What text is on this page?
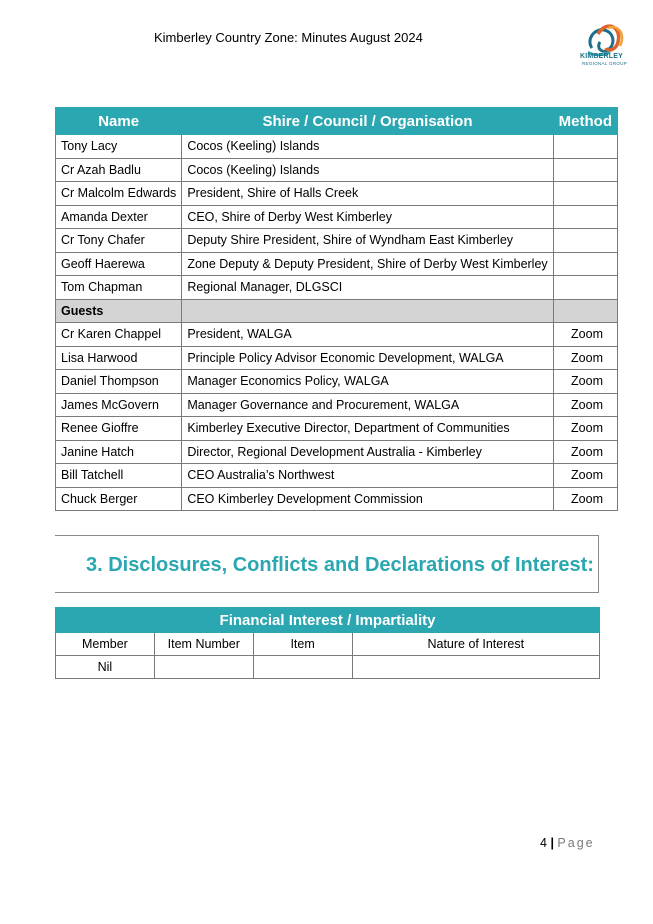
Kimberley Country Zone: Minutes August 2024
KIMBERLEY
REGIONAL GROUP
Name	Shire / Council / Organisation	Method
Tony Lacy	Cocos (Keeling) Islands	
Cr Azah Badlu	Cocos (Keeling) Islands	
Cr Malcolm Edwards	President, Shire of Halls Creek	
Amanda Dexter	CEO, Shire of Derby West Kimberley	
Cr Tony Chafer	Deputy Shire President, Shire of Wyndham East Kimberley	
Geoff Haerewa	Zone Deputy & Deputy President, Shire of Derby West Kimberley	
Tom Chapman	Regional Manager, DLGSCI	
Guests		
Cr Karen Chappel	President, WALGA	Zoom
Lisa Harwood	Principle Policy Advisor Economic Development, WALGA	Zoom
Daniel Thompson	Manager Economics Policy, WALGA	Zoom
James McGovern	Manager Governance and Procurement, WALGA	Zoom
Renee Gioffre	Kimberley Executive Director, Department of Communities	Zoom
Janine Hatch	Director, Regional Development Australia - Kimberley	Zoom
Bill Tatchell	CEO Australia’s Northwest	Zoom
Chuck Berger	CEO Kimberley Development Commission	Zoom
3. Disclosures, Conflicts and Declarations of Interest:
Financial Interest / Impartiality			
Member	Item Number	Item	Nature of Interest
Nil			
4 | Page
